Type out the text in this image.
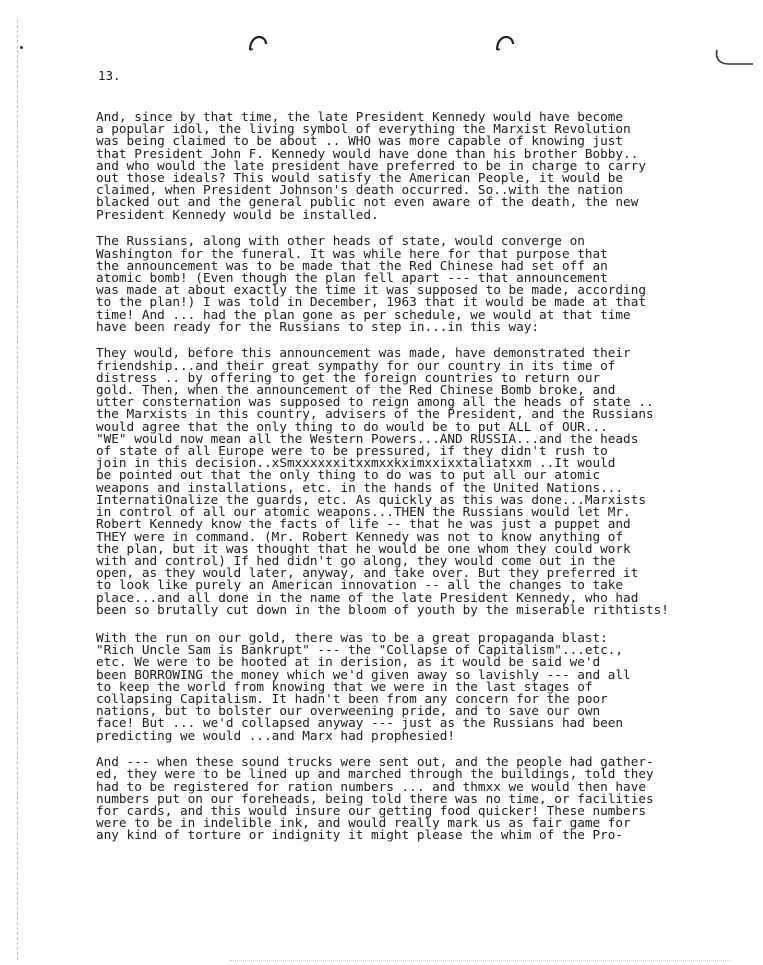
13.
And, since by that time, the late President Kennedy would have become
a popular idol, the living symbol of everything the Marxist Revolution
was being claimed to be about .. WHO was more capable of knowing just
that President John F. Kennedy would have done than his brother Bobby..
and who would the late president have preferred to be in charge to carry
out those ideals? This would satisfy the American People, it would be
claimed, when President Johnson's death occurred. So..with the nation
blacked out and the general public not even aware of the death, the new
President Kennedy would be installed.
The Russians, along with other heads of state, would converge on
Washington for the funeral. It was while here for that purpose that
the announcement was to be made that the Red Chinese had set off an
atomic bomb! (Even though the plan fell apart --- that announcement
was made at about exactly the time it was supposed to be made, according
to the plan!) I was told in December, 1963 that it would be made at that
time! And ... had the plan gone as per schedule, we would at that time
have been ready for the Russians to step in...in this way:
They would, before this announcement was made, have demonstrated their
friendship...and their great sympathy for our country in its time of
distress .. by offering to get the foreign countries to return our
gold. Then, when the announcement of the Red Chinese Bomb broke, and
utter consternation was supposed to reign among all the heads of state ..
the Marxists in this country, advisers of the President, and the Russians
would agree that the only thing to do would be to put ALL of OUR...
"WE" would now mean all the Western Powers...AND RUSSIA...and the heads
of state of all Europe were to be pressured, if they didn't rush to
join in this decision..xSmxxxxxxitxxmxxkximxxixxtaliatxxm ..It would
be pointed out that the only thing to do was to put all our atomic
weapons and installations, etc. in the hands of the United Nations...
InternatiOnalize the guards, etc. As quickly as this was done...Marxists
in control of all our atomic weapons...THEN the Russians would let Mr.
Robert Kennedy know the facts of life -- that he was just a puppet and
THEY were in command. (Mr. Robert Kennedy was not to know anything of
the plan, but it was thought that he would be one whom they could work
with and control) If hed didn't go along, they would come out in the
open, as they would later, anyway, and take over. But they preferred it
to look like purely an American innovation -- all the changes to take
place...and all done in the name of the late President Kennedy, who had
been so brutally cut down in the bloom of youth by the miserable rithtists!
With the run on our gold, there was to be a great propaganda blast:
"Rich Uncle Sam is Bankrupt" --- the "Collapse of Capitalism"...etc.,
etc. We were to be hooted at in derision, as it would be said we'd
been BORROWING the money which we'd given away so lavishly --- and all
to keep the world from knowing that we were in the last stages of
collapsing Capitalism. It hadn't been from any concern for the poor
nations, but to bolster our overweening pride, and to save our own
face! But ... we'd collapsed anyway --- just as the Russians had been
predicting we would ...and Marx had prophesied!
And --- when these sound trucks were sent out, and the people had gather-
ed, they were to be lined up and marched through the buildings, told they
had to be registered for ration numbers ... and thmxx we would then have
numbers put on our foreheads, being told there was no time, or facilities
for cards, and this would insure our getting food quicker! These numbers
were to be in indelible ink, and would really mark us as fair game for
any kind of torture or indignity it might please the whim of the Pro-
